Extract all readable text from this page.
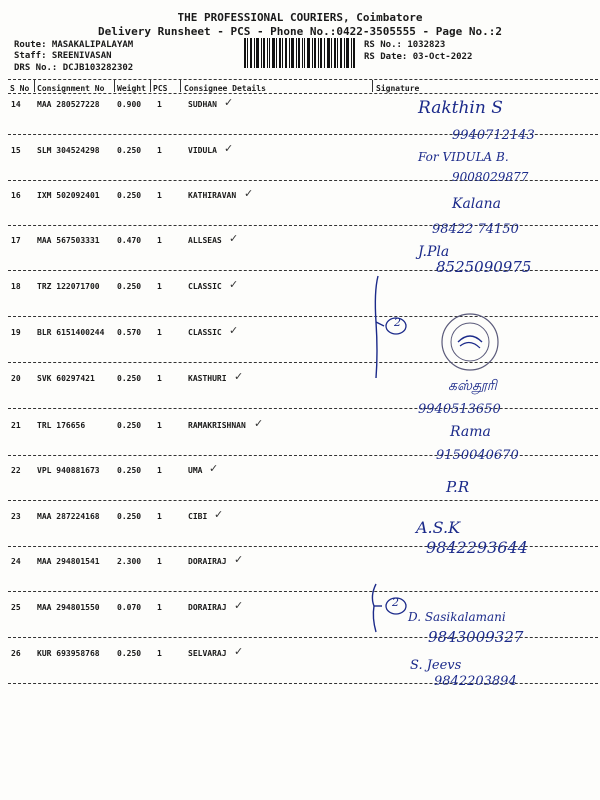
THE PROFESSIONAL COURIERS, Coimbatore
Delivery Runsheet - PCS - Phone No.:0422-3505555 - Page No.:2
Route: MASAKALIPALAYAM
Staff: SREENIVASAN
DRS No.: DCJB103282302
RS No.: 1032823
RS Date: 03-Oct-2022
S No Consignment No Weight PCS Consignee Details	Signature
14 MAA 280527228 0.900 1	SUDHAN ✓	Rakthin S
9940712143
15 SLM 304524298 0.250 1	VIDULA ✓
For VIDULA B.
9008029877
16 IXM 502092401 0.250 1	KATHIRAVAN ✓
Kalana
98422 74150
17 MAA 567503331 0.470 1	ALLSEAS ✓
J.Pla
8525090975
18 TRZ 122071700 0.250 1	CLASSIC ✓
19 BLR 6151400244 0.570 1	CLASSIC ✓
20 SVK 60297421	0.250 1	KASTHURI ✓
கஸ்தூரி
9940513650
21 TRL 176656	0.250 1	RAMAKRISHNAN ✓
Rama
9150040670
22 VPL 940881673 0.250 1	UMA ✓
P.R
23 MAA 287224168 0.250 1	CIBI ✓
A.S.K
9842293644
24 MAA 294801541 2.300 1	DORAIRAJ ✓
25 MAA 294801550 0.070 1	DORAIRAJ ✓
D. Sasikalamani
9843009327
26 KUR 693958768 0.250 1	SELVARAJ ✓
S. Jeevs
9842203894
2
2
